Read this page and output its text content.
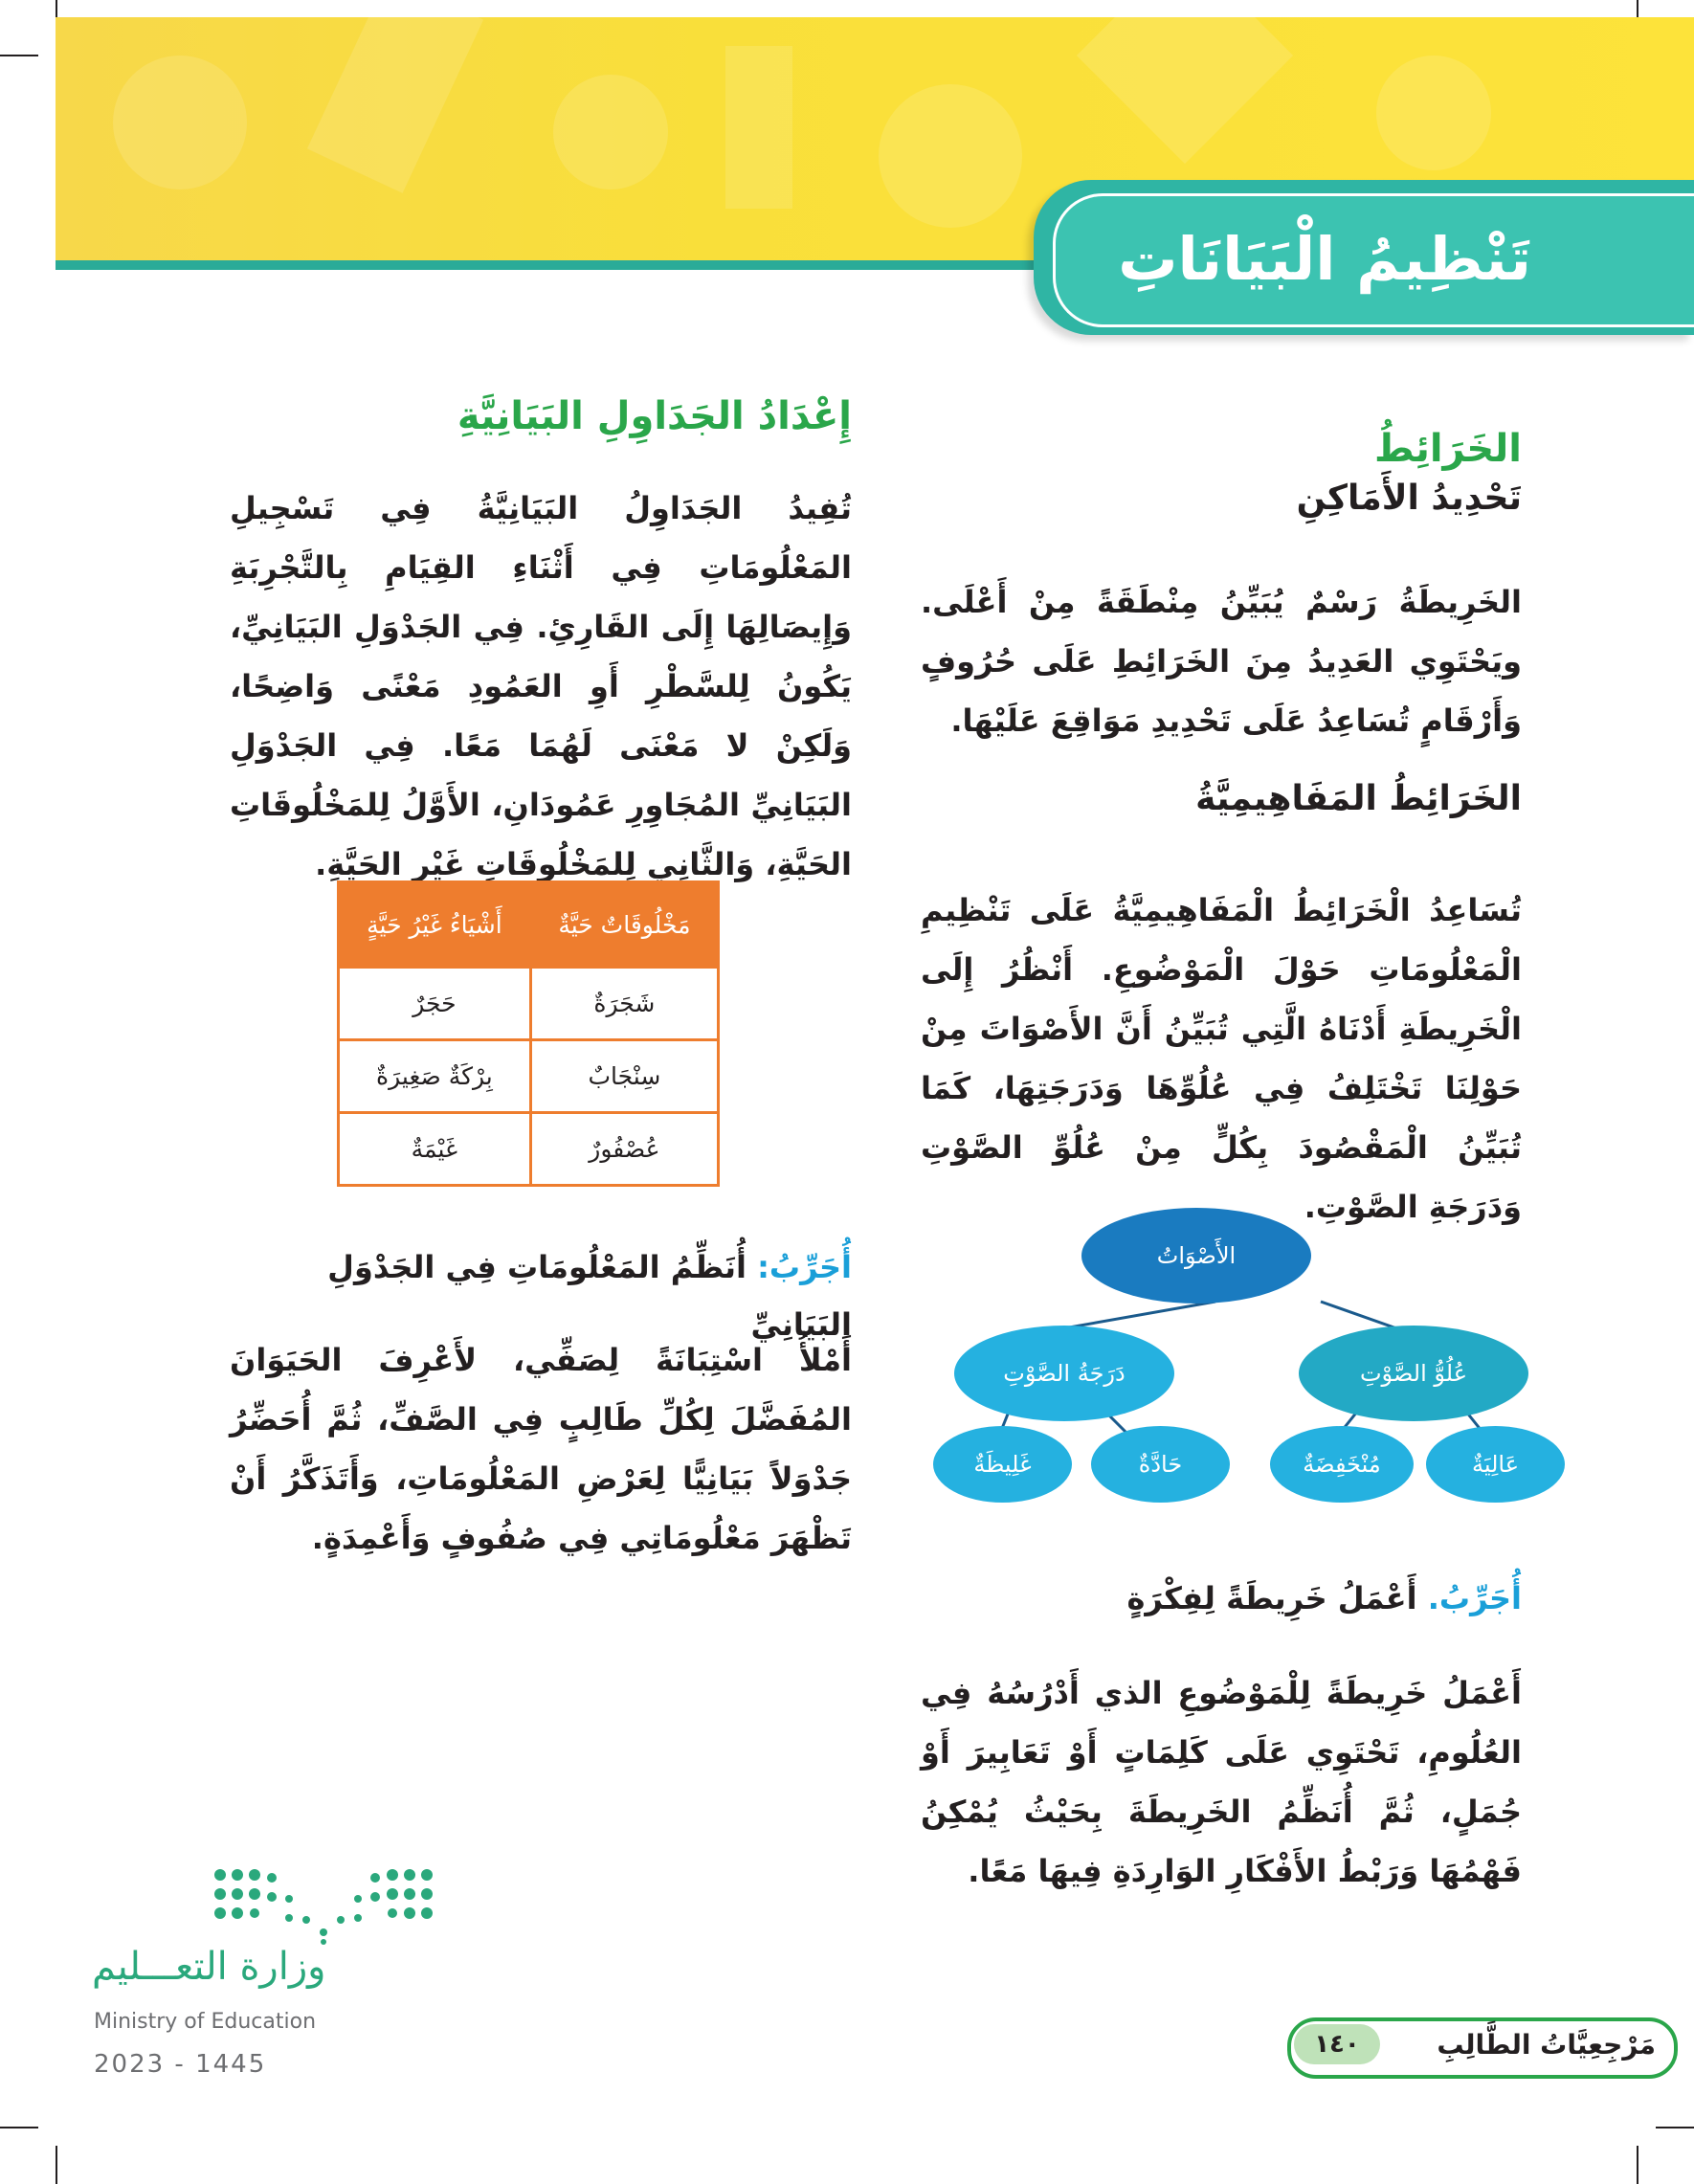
تَنْظِيمُ الْبَيَانَاتِ
الخَرَائِطُ
تَحْدِيدُ الأَمَاكِنِ
الخَرِيطَةُ رَسْمٌ يُبَيِّنُ مِنْطَقَةً مِنْ أَعْلَى. ويَحْتَوِي العَدِيدُ مِنَ الخَرَائِطِ عَلَى حُرُوفٍ وَأَرْقَامٍ تُسَاعِدُ عَلَى تَحْدِيدِ مَوَاقِعَ عَلَيْهَا.
الخَرَائِطُ المَفَاهِيمِيَّةُ
تُسَاعِدُ الْخَرَائِطُ الْمَفَاهِيمِيَّةُ عَلَى تَنْظِيمِ الْمَعْلُومَاتِ حَوْلَ الْمَوْضُوعِ. أَنْظُرُ إِلَى الْخَرِيطَةِ أَدْنَاهُ الَّتِي تُبَيِّنُ أَنَّ الأَصْوَاتَ مِنْ حَوْلِنَا تَخْتَلِفُ فِي عُلُوِّهَا وَدَرَجَتِهَا، كَمَا تُبَيِّنُ الْمَقْصُودَ بِكُلٍّ مِنْ عُلُوِّ الصَّوْتِ وَدَرَجَةِ الصَّوْتِ.
الأَصْوَاتُ
دَرَجَةُ الصَّوْتِ	عُلُوُّ الصَّوْتِ
عَالِيَةٌ
مُنْخَفِضَةٌ
حَادَّةٌ
غَلِيظَةٌ
أُجَرِّبُ. أَعْمَلُ خَرِيطَةً لِفِكْرَةٍ
أَعْمَلُ خَرِيطَةً لِلْمَوْضُوعِ الذي أَدْرُسُهُ فِي العُلُومِ، تَحْتَوِي عَلَى كَلِمَاتٍ أَوْ تَعَابِيرَ أَوْ جُمَلٍ، ثُمَّ أُنَظِّمُ الخَرِيطَةَ بِحَيْثُ يُمْكِنُ فَهْمُهَا وَرَبْطُ الأَفْكَارِ الوَارِدَةِ فِيهَا مَعًا.
إِعْدَادُ الجَدَاوِلِ البَيَانِيَّةِ
تُفِيدُ الجَدَاوِلُ البَيَانِيَّةُ فِي تَسْجِيلِ المَعْلُومَاتِ فِي أَثْنَاءِ القِيَامِ بِالتَّجْرِبَةِ وَإِيصَالِهَا إِلَى القَارِئِ. فِي الجَدْوَلِ البَيَانِيِّ، يَكُونُ لِلسَّطْرِ أَوِ العَمُودِ مَعْنًى وَاضِحًا، وَلَكِنْ لا مَعْنَى لَهُمَا مَعًا. فِي الجَدْوَلِ البَيَانِيِّ المُجَاوِرِ عَمُودَانِ، الأَوَّلُ لِلمَخْلُوقَاتِ الحَيَّةِ، وَالثَّانِي لِلمَخْلُوقَاتِ غَيْرِ الحَيَّةِ.
مَخْلُوقَاتٌ حَيَّةٌ	أَشْيَاءُ غَيْرُ حَيَّةٍ
شَجَرَةٌ	حَجَرٌ
سِنْجَابٌ	بِرْكَةٌ صَغِيرَةٌ
عُصْفُورٌ	غَيْمَةٌ
أُجَرِّبُ: أُنَظِّمُ المَعْلُومَاتِ فِي الجَدْوَلِ البَيَانِيِّ
أَمْلأُ اسْتِبَانَةً لِصَفِّي، لأَعْرِفَ الحَيَوَانَ المُفَضَّلَ لِكُلِّ طَالِبٍ فِي الصَّفِّ، ثُمَّ أُحَضِّرُ جَدْوَلاً بَيَانِيًّا لِعَرْضِ المَعْلُومَاتِ، وَأَتَذَكَّرُ أَنْ تَظْهَرَ مَعْلُومَاتِي فِي صُفُوفٍ وَأَعْمِدَةٍ.
وزارة التعـــليم
Ministry of Education
2023 - 1445
١٤٠	مَرْجِعِيَّاتُ الطَّالِبِ
